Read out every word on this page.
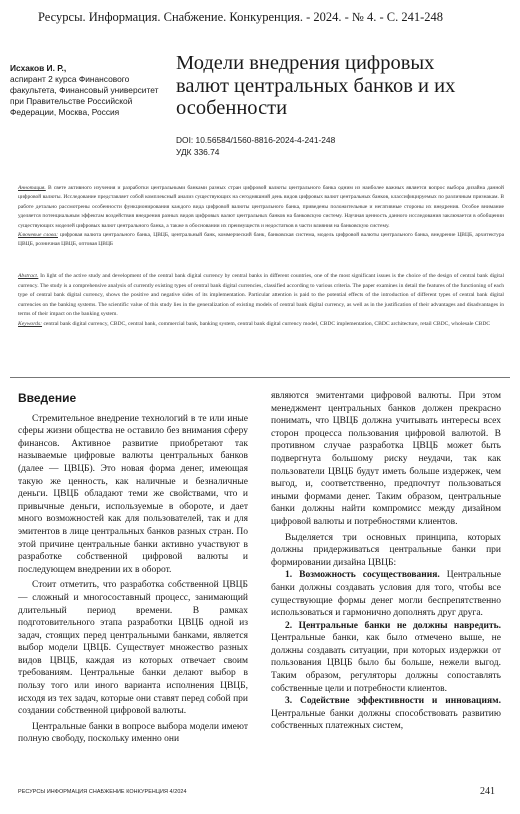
Ресурсы. Информация. Снабжение. Конкуренция. - 2024. - № 4. - С. 241-248
Исхаков И. Р.,
аспирант 2 курса Финансового факультета, Финансовый университет при Правительстве Российской Федерации, Москва, Россия
Модели внедрения цифровых валют центральных банков и их особенности
DOI: 10.56584/1560-8816-2024-4-241-248
УДК 336.74
Аннотация. В свете активного изучения и разработки центральными банками разных стран цифровой валюты центрального банка одним из наиболее важных является вопрос выбора дизайна данной цифровой валюты. Исследование представляет собой комплексный анализ существующих на сегодняшний день видов цифровых валют центральных банков, классифицируемых по различным признакам. В работе детально рассмотрены особенности функционирования каждого вида цифровой валюты центрального банка, приведены положительные и негативные стороны их внедрения. Особое внимание уделяется потенциальным эффектам воздействия внедрения разных видов цифровых валют центральных банков на банковскую систему. Научная ценность данного исследования заключается в обобщении существующих моделей цифровых валют центрального банка, а также в обосновании их преимуществ и недостатков в части влияния на банковскую систему.
Ключевые слова: цифровая валюта центрального банка, ЦВЦБ, центральный банк, коммерческий банк, банковская система, модель цифровой валюты центрального банка, внедрение ЦВЦБ, архитектура ЦВЦБ, розничная ЦВЦБ, оптовая ЦВЦБ
Abstract. In light of the active study and development of the central bank digital currency by central banks in different countries, one of the most significant issues is the choice of the design of central bank digital currency. The study is a comprehensive analysis of currently existing types of central bank digital currencies, classified according to various criteria. The paper examines in detail the features of the functioning of each type of central bank digital currency, shows the positive and negative sides of its implementation. Particular attention is paid to the potential effects of the introduction of different types of central bank digital currencies on the banking systems. The scientific value of this study lies in the generalization of existing models of central bank digital currency, as well as in the justification of their advantages and disadvantages in terms of their impact on the banking system.
Keywords: central bank digital currency, CBDC, central bank, commercial bank, banking system, central bank digital currency model, CBDC implementation, CBDC architecture, retail CBDC, wholesale CBDC

Введение

Стремительное внедрение технологий в те или иные сферы жизни общества не оставило без внимания сферу финансов. Активное развитие приобретают так называемые цифровые валюты центральных банков (далее — ЦВЦБ). Это новая форма денег, имеющая такую же ценность, как наличные и безналичные деньги. ЦВЦБ обладают теми же свойствами, что и привычные деньги, используемые в обороте, и дает много возможностей как для пользователей, так и для эмитентов в лице центральных банков разных стран. По этой причине центральные банки активно участвуют в разработке собственной цифровой валюты и последующем внедрении их в оборот.

Стоит отметить, что разработка собственной ЦВЦБ — сложный и многосоставный процесс, занимающий длительный период времени. В рамках подготовительного этапа разработки ЦВЦБ одной из задач, стоящих перед центральными банками, является выбор модели ЦВЦБ. Существует множество разных видов ЦВЦБ, каждая из которых отвечает своим требованиям. Центральные банки делают выбор в пользу того или иного варианта исполнения ЦВЦБ, исходя из тех задач, которые они ставят перед собой при создании собственной цифровой валюты.

Центральные банки в вопросе выбора модели имеют полную свободу, поскольку именно они

являются эмитентами цифровой валюты. При этом менеджмент центральных банков должен прекрасно понимать, что ЦВЦБ должна учитывать интересы всех сторон процесса пользования цифровой валютой. В противном случае разработка ЦВЦБ может быть подвергнута большому риску неудачи, так как пользователи ЦВЦБ будут иметь больше издержек, чем выгод, и, соответственно, предпочтут пользоваться иными формами денег. Таким образом, центральные банки должны найти компромисс между дизайном цифровой валюты и потребностями клиентов.

Выделяется три основных принципа, которых должны придерживаться центральные банки при формировании дизайна ЦВЦБ:

1. Возможность сосуществования. Центральные банки должны создавать условия для того, чтобы все существующие формы денег могли беспрепятственно использоваться и гармонично дополнять друг друга.

2. Центральные банки не должны навредить. Центральные банки, как было отмечено выше, не должны создавать ситуации, при которых издержки от пользования ЦВЦБ было бы больше, нежели выгод. Таким образом, регуляторы должны сопоставлять собственные цели и потребности клиентов.

3. Содействие эффективности и инновациям. Центральные банки должны способствовать развитию собственных платежных систем,

РЕСУРСЫ ИНФОРМАЦИЯ СНАБЖЕНИЕ КОНКУРЕНЦИЯ 4/2024	241
